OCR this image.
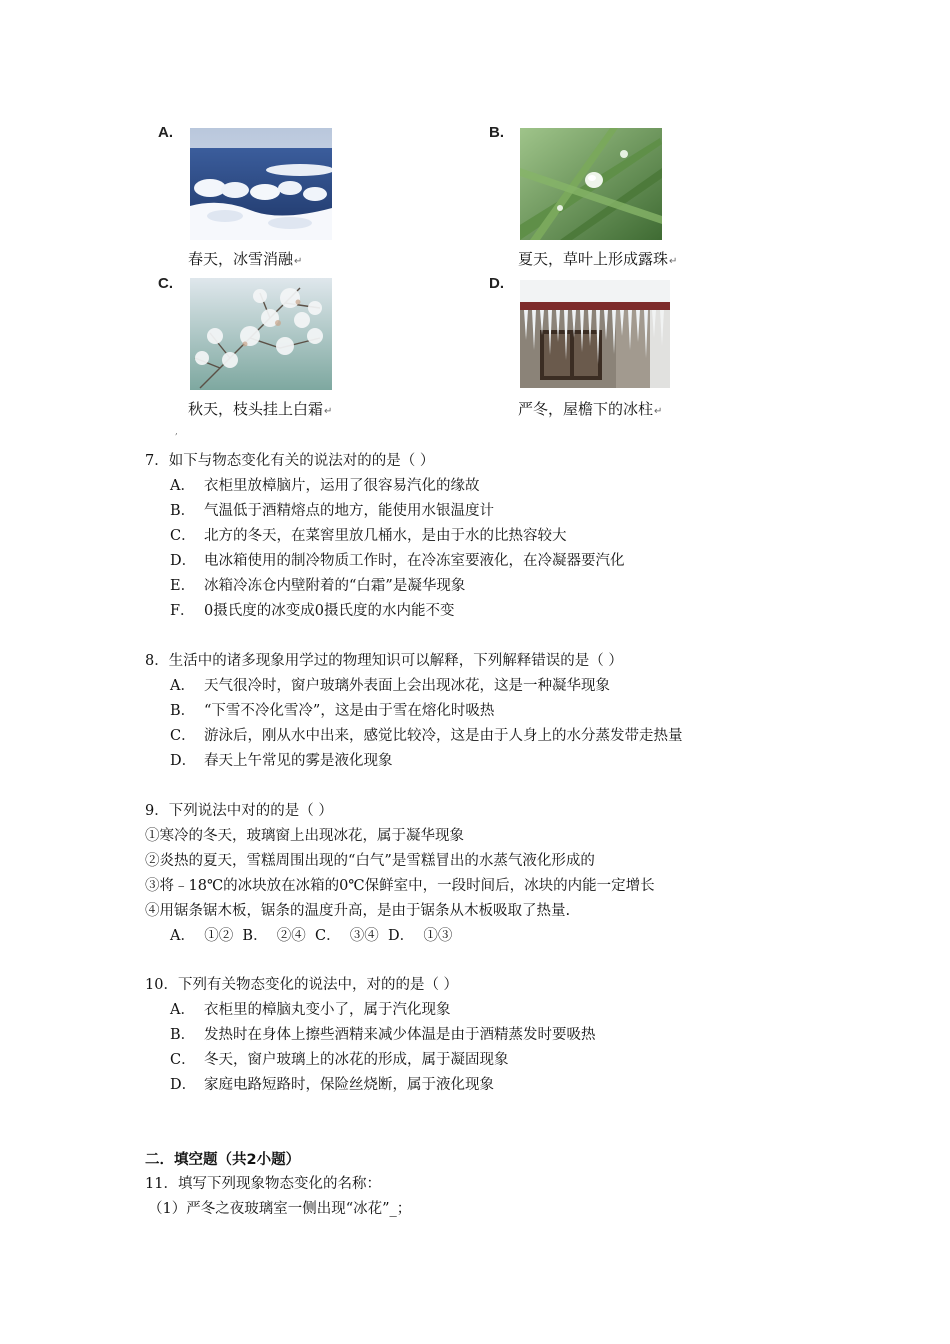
A.
春天，冰雪消融↵
B.
夏天，草叶上形成露珠↵
C.
秋天，枝头挂上白霜↵
D.
严冬，屋檐下的冰柱↵
,
7．如下与物态变化有关的说法对的的是（ ）
A． 衣柜里放樟脑片，运用了很容易汽化的缘故
B． 气温低于酒精熔点的地方，能使用水银温度计
C． 北方的冬天，在菜窖里放几桶水，是由于水的比热容较大
D． 电冰箱使用的制冷物质工作时，在冷冻室要液化，在冷凝器要汽化
E． 冰箱冷冻仓内壁附着的“白霜”是凝华现象
F． 0摄氏度的冰变成0摄氏度的水内能不变
8．生活中的诸多现象用学过的物理知识可以解释，下列解释错误的是（ ）
A． 天气很冷时，窗户玻璃外表面上会出现冰花，这是一种凝华现象
B． “下雪不冷化雪冷”，这是由于雪在熔化时吸热
C． 游泳后，刚从水中出来，感觉比较冷，这是由于人身上的水分蒸发带走热量
D． 春天上午常见的雾是液化现象
9．下列说法中对的的是（ ）
①寒冷的冬天，玻璃窗上出现冰花，属于凝华现象
②炎热的夏天，雪糕周围出现的“白气”是雪糕冒出的水蒸气液化形成的
③将﹣18℃的冰块放在冰箱的0℃保鲜室中，一段时间后，冰块的内能一定增长
④用锯条锯木板，锯条的温度升高，是由于锯条从木板吸取了热量.
A．  ①②  B．  ②④  C．  ③④  D．  ①③
10．下列有关物态变化的说法中，对的的是（ ）
A． 衣柜里的樟脑丸变小了，属于汽化现象
B． 发热时在身体上擦些酒精来减少体温是由于酒精蒸发时要吸热
C． 冬天，窗户玻璃上的冰花的形成，属于凝固现象
D． 家庭电路短路时，保险丝烧断，属于液化现象
二．填空题（共2小题）
11．填写下列现象物态变化的名称：
（1）严冬之夜玻璃室一侧出现“冰花”_；
